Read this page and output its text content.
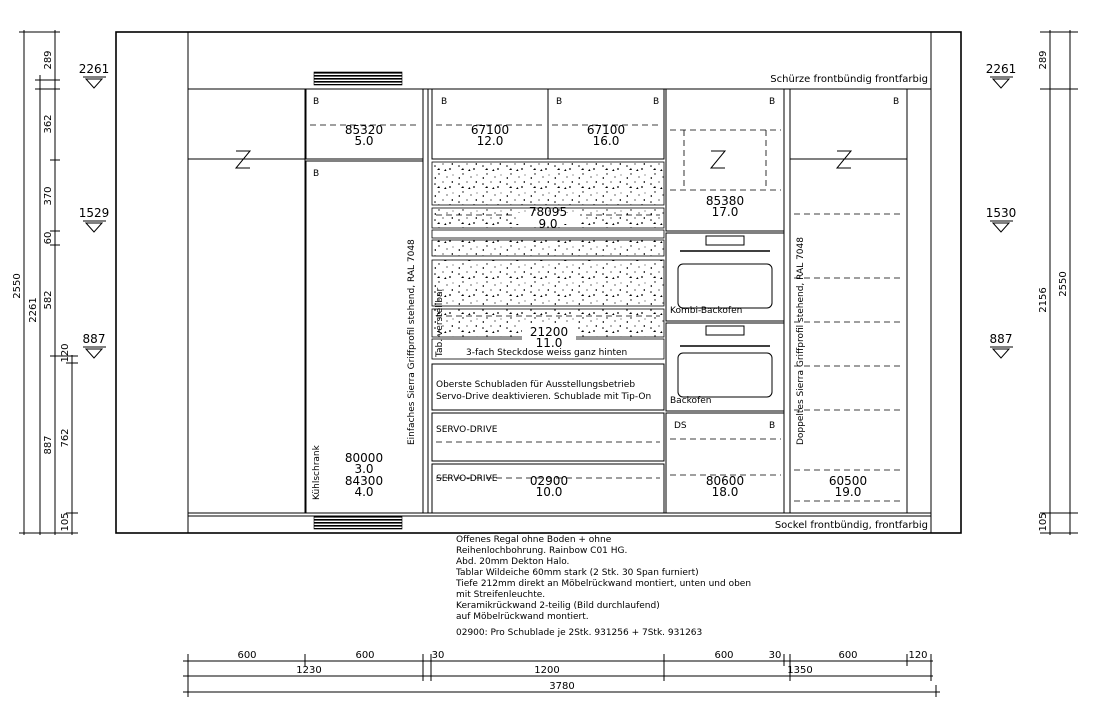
Schürze frontbündig frontfarbig
Sockel frontbündig, frontfarbig
B
85320
5.0
B
Kühlschrank 80000
3.0
84300
4.0
Einfaches Sierra Griffprofil stehend, RAL 7048
B
67100
12.0
B	B
67100
16.0
78095
9.0
21200
11.0
Tab. verstellbar 3-fach Steckdose weiss ganz hinten
Oberste Schubladen für Ausstellungsbetrieb
Servo-Drive deaktivieren. Schublade mit Tip-On
SERVO-DRIVE
SERVO-DRIVE	02900
10.0
B
85380
17.0
Kombi-Backofen
Backofen
DS	B
80600
18.0
Doppeltes Sierra Griffprofil stehend, RAL 7048
B
60500
19.0
2261
1529
887
2261
1530
887
2550
2261
289
362
370
60
582
120
887 762
105
289
2156
105
2550
Offenes Regal ohne Boden + ohne
Reihenlochbohrung. Rainbow C01 HG.
Abd. 20mm Dekton Halo.
Tablar Wildeiche 60mm stark (2 Stk. 30 Span furniert)
Tiefe 212mm direkt an Möbelrückwand montiert, unten und oben
mit Streifenleuchte.
Keramikrückwand 2-teilig (Bild durchlaufend)
auf Möbelrückwand montiert.
02900: Pro Schublade je 2Stk. 931256 + 7Stk. 931263
600	600	30	600	30	600	120
1230	1200	1350
3780
